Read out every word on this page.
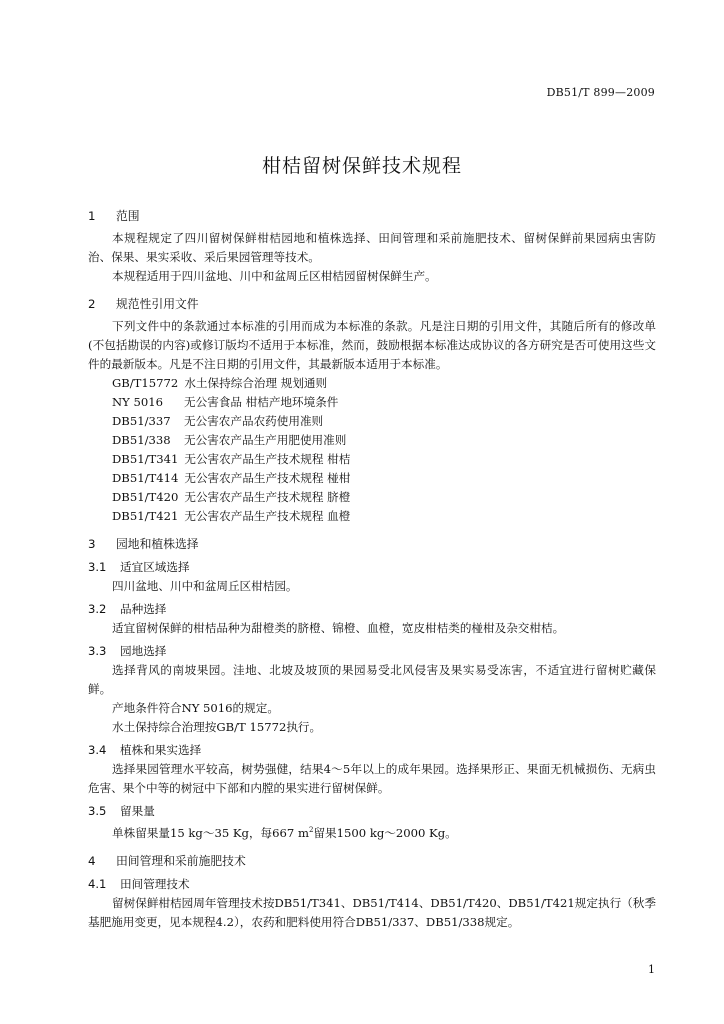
DB51/T 899—2009
柑桔留树保鲜技术规程
1 范围

本规程规定了四川留树保鲜柑桔园地和植株选择、田间管理和采前施肥技术、留树保鲜前果园病虫害防治、保果、果实采收、采后果园管理等技术。

本规程适用于四川盆地、川中和盆周丘区柑桔园留树保鲜生产。

2 规范性引用文件

下列文件中的条款通过本标准的引用而成为本标准的条款。凡是注日期的引用文件，其随后所有的修改单(不包括勘误的内容)或修订版均不适用于本标准，然而，鼓励根据本标准达成协议的各方研究是否可使用这些文件的最新版本。凡是不注日期的引用文件，其最新版本适用于本标准。

GB/T15772 水土保持综合治理 规划通则

NY 5016 无公害食品 柑桔产地环境条件

DB51/337 无公害农产品农药使用准则

DB51/338 无公害农产品生产用肥使用准则

DB51/T341 无公害农产品生产技术规程 柑桔

DB51/T414 无公害农产品生产技术规程 椪柑

DB51/T420 无公害农产品生产技术规程 脐橙

DB51/T421 无公害农产品生产技术规程 血橙

3 园地和植株选择
3.1 适宜区域选择

四川盆地、川中和盆周丘区柑桔园。

3.2 品种选择

适宜留树保鲜的柑桔品种为甜橙类的脐橙、锦橙、血橙，宽皮柑桔类的椪柑及杂交柑桔。

3.3 园地选择

选择背风的南坡果园。洼地、北坡及坡顶的果园易受北风侵害及果实易受冻害，不适宜进行留树贮藏保鲜。

产地条件符合NY 5016的规定。

水土保持综合治理按GB/T 15772执行。

3.4 植株和果实选择

选择果园管理水平较高，树势强健，结果4～5年以上的成年果园。选择果形正、果面无机械损伤、无病虫危害、果个中等的树冠中下部和内膛的果实进行留树保鲜。

3.5 留果量

单株留果量15 kg～35 Kg，每667 $m^2$留果1500 kg～2000 Kg。

4 田间管理和采前施肥技术
4.1 田间管理技术

留树保鲜柑桔园周年管理技术按DB51/T341、DB51/T414、DB51/T420、DB51/T421规定执行（秋季基肥施用变更，见本规程4.2），农药和肥料使用符合DB51/337、DB51/338规定。

1
